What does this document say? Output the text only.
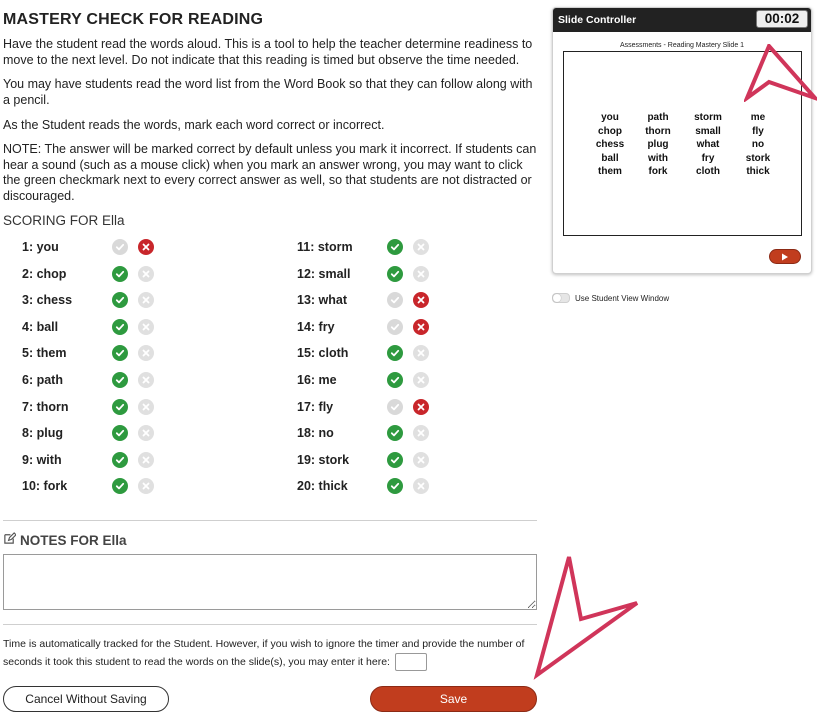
MASTERY CHECK FOR READING

Have the student read the words aloud. This is a tool to help the teacher determine readiness to move to the next level. Do not indicate that this reading is timed but observe the time needed.

You may have students read the word list from the Word Book so that they can follow along with a pencil.

As the Student reads the words, mark each word correct or incorrect.

NOTE: The answer will be marked correct by default unless you mark it incorrect. If students can hear a sound (such as a mouse click) when you mark an answer wrong, you may want to click the green checkmark next to every correct answer as well, so that students are not distracted or discouraged.

SCORING FOR Ella
1: you
2: chop
3: chess
4: ball
5: them
6: path
7: thorn
8: plug
9: with
10: fork
11: storm
12: small
13: what
14: fry
15: cloth
16: me
17: fly
18: no
19: stork
20: thick
NOTES FOR Ella

Time is automatically tracked for the Student. However, if you wish to ignore the timer and provide the number of seconds it took this student to read the words on the slide(s), you may enter it here:

Cancel Without Saving	Save
Slide Controller	00:02
Assessments - Reading Mastery Slide 1
you
chop
chess
ball
them
path
thorn
plug
with
fork
storm
small
what
fry
cloth
me
fly
no
stork
thick
Use Student View Window
